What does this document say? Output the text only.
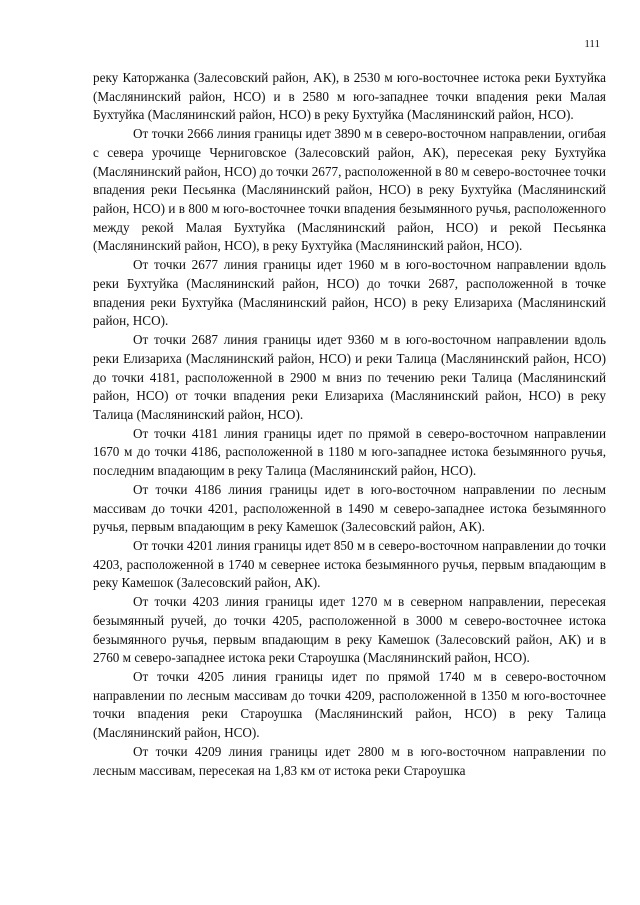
111

реку Каторжанка (Залесовский район, АК), в 2530 м юго-восточнее истока реки Бухтуйка (Маслянинский район, НСО) и в 2580 м юго-западнее точки впадения реки Малая Бухтуйка (Маслянинский район, НСО) в реку Бухтуйка (Маслянинский район, НСО).

От точки 2666 линия границы идет 3890 м в северо-восточном направлении, огибая с севера урочище Черниговское (Залесовский район, АК), пересекая реку Бухтуйка (Маслянинский район, НСО) до точки 2677, расположенной в 80 м северо-восточнее точки впадения реки Песьянка (Маслянинский район, НСО) в реку Бухтуйка (Маслянинский район, НСО) и в 800 м юго-восточнее точки впадения безымянного ручья, расположенного между рекой Малая Бухтуйка (Маслянинский район, НСО) и рекой Песьянка (Маслянинский район, НСО), в реку Бухтуйка (Маслянинский район, НСО).

От точки 2677 линия границы идет 1960 м в юго-восточном направлении вдоль реки Бухтуйка (Маслянинский район, НСО) до точки 2687, расположенной в точке впадения реки Бухтуйка (Маслянинский район, НСО) в реку Елизариха (Маслянинский район, НСО).

От точки 2687 линия границы идет 9360 м в юго-восточном направлении вдоль реки Елизариха (Маслянинский район, НСО) и реки Талица (Маслянинский район, НСО) до точки 4181, расположенной в 2900 м вниз по течению реки Талица (Маслянинский район, НСО) от точки впадения реки Елизариха (Маслянинский район, НСО) в реку Талица (Маслянинский район, НСО).

От точки 4181 линия границы идет по прямой в северо-восточном направлении 1670 м до точки 4186, расположенной в 1180 м юго-западнее истока безымянного ручья, последним впадающим в реку Талица (Маслянинский район, НСО).

От точки 4186 линия границы идет в юго-восточном направлении по лесным массивам до точки 4201, расположенной в 1490 м северо-западнее истока безымянного ручья, первым впадающим в реку Камешок (Залесовский район, АК).

От точки 4201 линия границы идет 850 м в северо-восточном направлении до точки 4203, расположенной в 1740 м севернее истока безымянного ручья, первым впадающим в реку Камешок (Залесовский район, АК).

От точки 4203 линия границы идет 1270 м в северном направлении, пересекая безымянный ручей, до точки 4205, расположенной в 3000 м северо-восточнее истока безымянного ручья, первым впадающим в реку Камешок (Залесовский район, АК) и в 2760 м северо-западнее истока реки Староушка (Маслянинский район, НСО).

От точки 4205 линия границы идет по прямой 1740 м в северо-восточном направлении по лесным массивам до точки 4209, расположенной в 1350 м юго-восточнее точки впадения реки Староушка (Маслянинский район, НСО) в реку Талица (Маслянинский район, НСО).

От точки 4209 линия границы идет 2800 м в юго-восточном направлении по лесным массивам, пересекая на 1,83 км от истока реки Староушка
